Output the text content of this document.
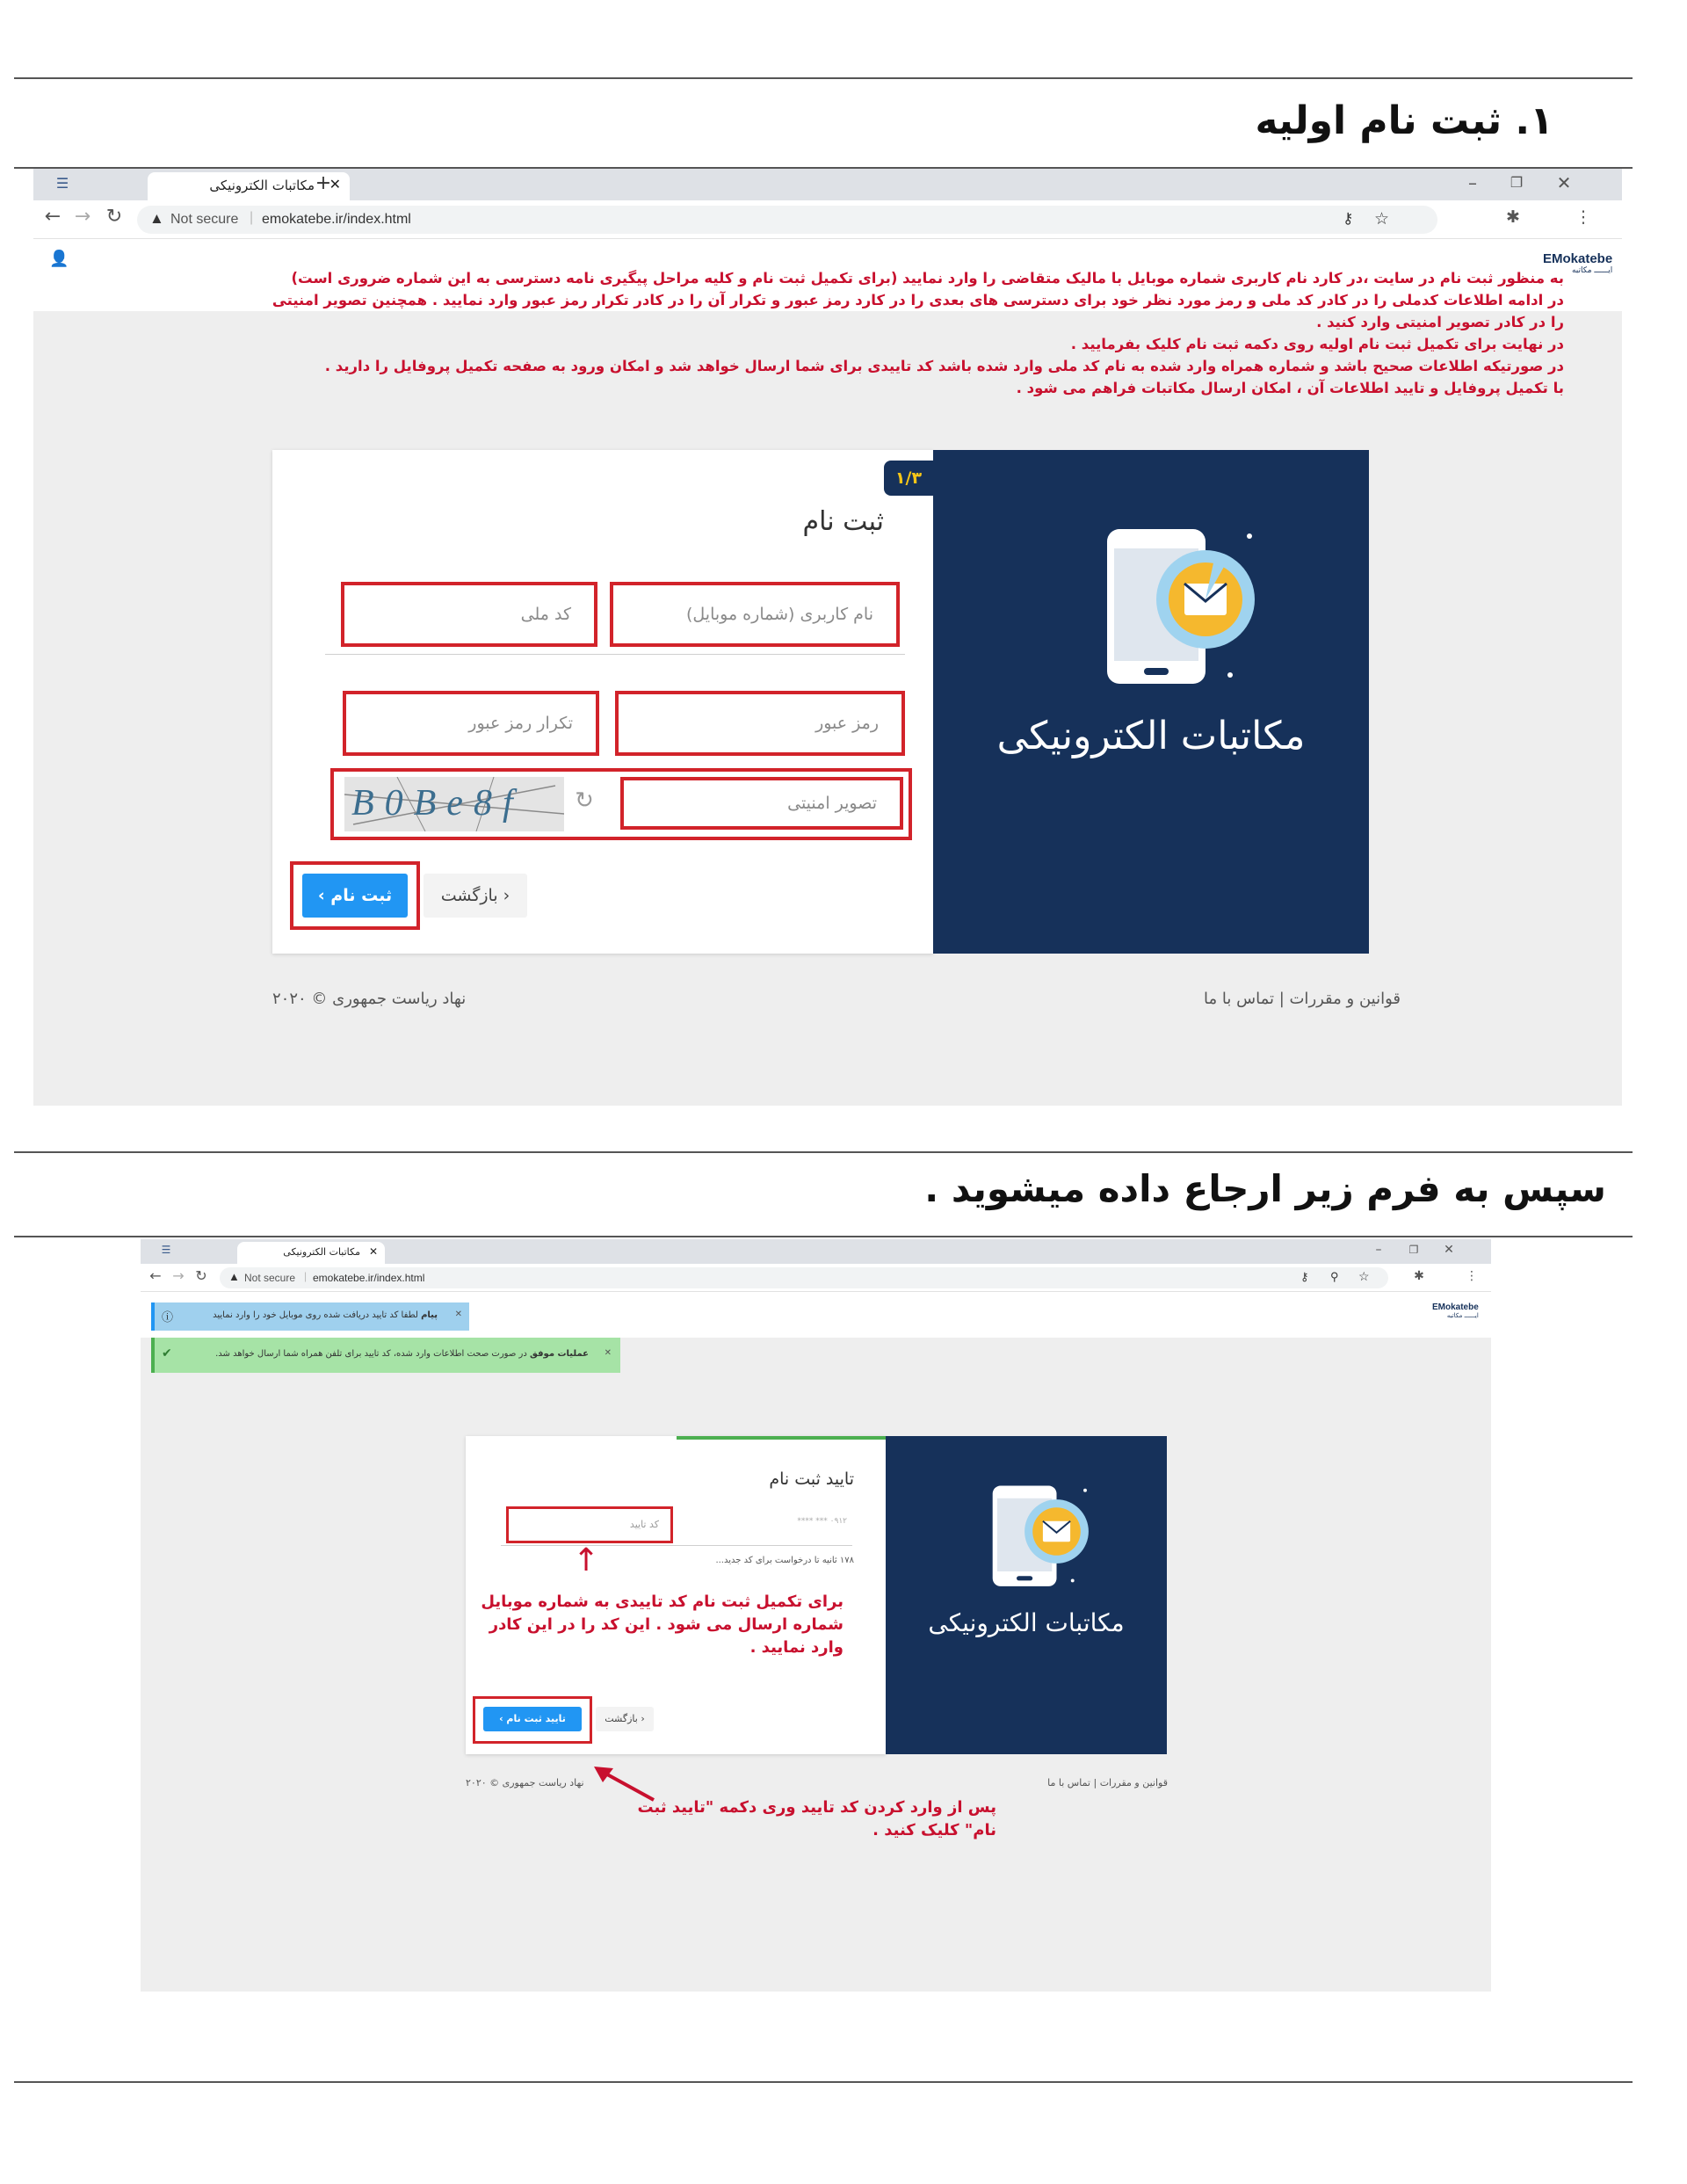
۱. ثبت نام اولیه
☰	مکاتبات الکترونیکی ✕
+	–	❐ ✕
← → ↻ ▲ Not secure | emokatebe.ir/index.html	⚷ ☆	✱	⋮
👤	EMokatebe
ایــــــ مکاتبه
به منظور ثبت نام در سایت ،در کارد نام کاربری شماره موبایل با مالیک متقاضی را وارد نمایید (برای تکمیل ثبت نام و کلیه مراحل پیگیری نامه دسترسی به این شماره ضروری است)
در ادامه اطلاعات کدملی را در کادر کد ملی و رمز مورد نظر خود برای دسترسی های بعدی را در کارد رمز عبور و تکرار آن را در کادر تکرار رمز عبور وارد نمایید . همچنین تصویر امنیتی
را در کادر تصویر امنیتی وارد کنید .
در نهایت برای تکمیل ثبت نام اولیه روی دکمه ثبت نام کلیک بفرمایید .
در صورتیکه اطلاعات صحیح باشد و شماره همراه وارد شده به نام کد ملی وارد شده باشد کد تاییدی برای شما ارسال خواهد شد و امکان ورود به صفحه تکمیل پروفایل را دارید .
با تکمیل پروفایل و تایید اطلاعات آن ، امکان ارسال مکاتبات فراهم می شود .
۱/۳
ثبت نام
نام کاربری (شماره موبایل)
کد ملی
رمز عبور
تکرار رمز عبور
تصویر امنیتی
B0Be8f ↻
ثبت نام ›	‹ بازگشت
مکاتبات الکترونیکی
قوانین و مقررات | تماس با ما
نهاد ریاست جمهوری © ۲۰۲۰
سپس به فرم زیر ارجاع داده میشوید .
☰	مکاتبات الکترونیکی ✕	–	❐ ✕
← → ↻ ▲ Not secure | emokatebe.ir/index.html	⚷ ⚲ ☆	✱	⋮
EMokatebe
ایــــــ مکاتبه
ⓘ	پیام لطفا کد تایید دریافت شده روی موبایل خود را وارد نمایید	✕
✔	عملیات موفق در صورت صحت اطلاعات وارد شده، کد تایید برای تلفن همراه شما ارسال خواهد شد.	✕
تایید ثبت نام
۰۹۱۲ *** ****
کد تایید
۱۷۸ ثانیه تا درخواست برای کد جدید...
↑
برای تکمیل ثبت نام کد تاییدی به شماره موبایل شماره ارسال می شود . این کد را در این کادر وارد نمایید .
تایید ثبت نام ›	‹ بازگشت
مکاتبات الکترونیکی
قوانین و مقررات | تماس با ما
نهاد ریاست جمهوری © ۲۰۲۰
پس از وارد کردن کد تایید وری دکمه "تایید ثبت نام" کلیک کنید .
